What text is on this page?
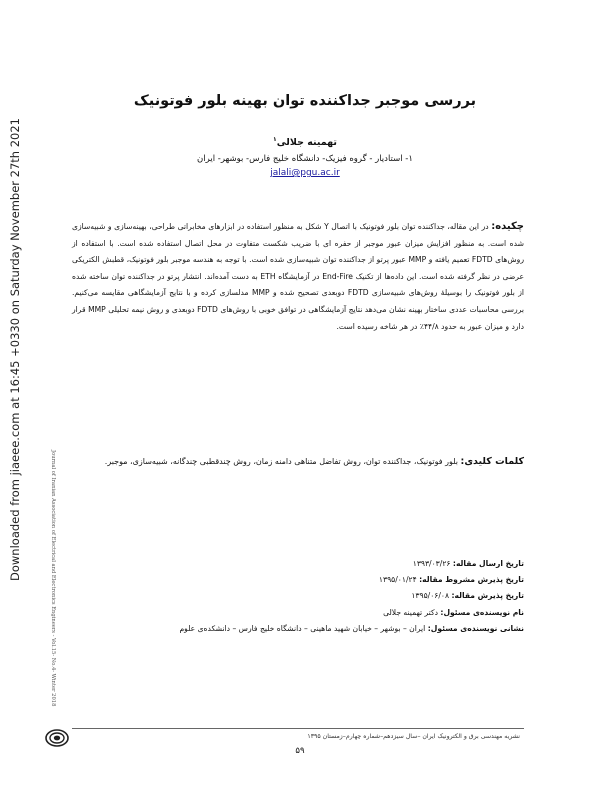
Downloaded from jiaeee.com at 16:45 +0330 on Saturday November 27th 2021	Journal of Iranian Association of Electrical and Electronics Engineers - Vol.15- No.4- Winter 2018
بررسی موجبر جداکننده توان بهینه بلور فوتونیک
تهمینه جلالی$^۱$
۱- استادیار - گروه فیزیک- دانشگاه خلیج فارس- بوشهر- ایران
jalali@pgu.ac.ir
چکیده: در این مقاله، جداکننده توان بلور فوتونیک با اتصال Y شکل به منظور استفاده در ابزارهای مخابراتی طراحی، بهینه‌سازی و شبیه‌سازی شده است. به منظور افزایش میزان عبور موجبر از حفره ای با ضریب شکست متفاوت در محل اتصال استفاده شده است. با استفاده از روش‌های FDTD تعمیم یافته و MMP عبور پرتو از جداکننده توان شبیه‌سازی شده است. با توجه به هندسه موجبر بلور فوتونیک، قطبش الکتریکی عرضی در نظر گرفته شده است. این داده‌ها از تکنیک End-Fire در آزمایشگاه ETH به دست آمده‌اند. انتشار پرتو در جداکننده توان ساخته شده از بلور فوتونیک را بوسیلهٔ روش‌های شبیه‌سازی FDTD دوبعدی تصحیح شده و MMP مدلسازی کرده و با نتایج آزمایشگاهی مقایسه می‌کنیم. بررسی محاسبات عددی ساختار بهینه نشان می‌دهد نتایج آزمایشگاهی در توافق خوبی با روش‌های FDTD دوبعدی و روش نیمه تحلیلی MMP قرار دارد و میزان عبور به حدود ۴۴/۸٪ در هر شاخه رسیده است.
کلمات کلیدی: بلور فوتونیک، جداکننده توان، روش تفاضل متناهی دامنه زمان، روش چندقطبی چندگانه، شبیه‌سازی، موجبر.
تاریخ ارسال مقاله: ۱۳۹۳/۰۳/۲۶
تاریخ پذیرش مشروط مقاله: ۱۳۹۵/۰۱/۲۴
تاریخ پذیرش مقاله: ۱۳۹۵/۰۶/۰۸
نام نویسنده‌ی مسئول: دکتر تهمینه جلالی
نشانی نویسنده‌ی مسئول: ایران – بوشهر – خیابان شهید ماهینی – دانشگاه خلیج فارس – دانشکده‌ی علوم
نشریه مهندسی برق و الکترونیک ایران –سال سیزدهم–شماره چهارم–زمستان ۱۳۹۵
۵۹
